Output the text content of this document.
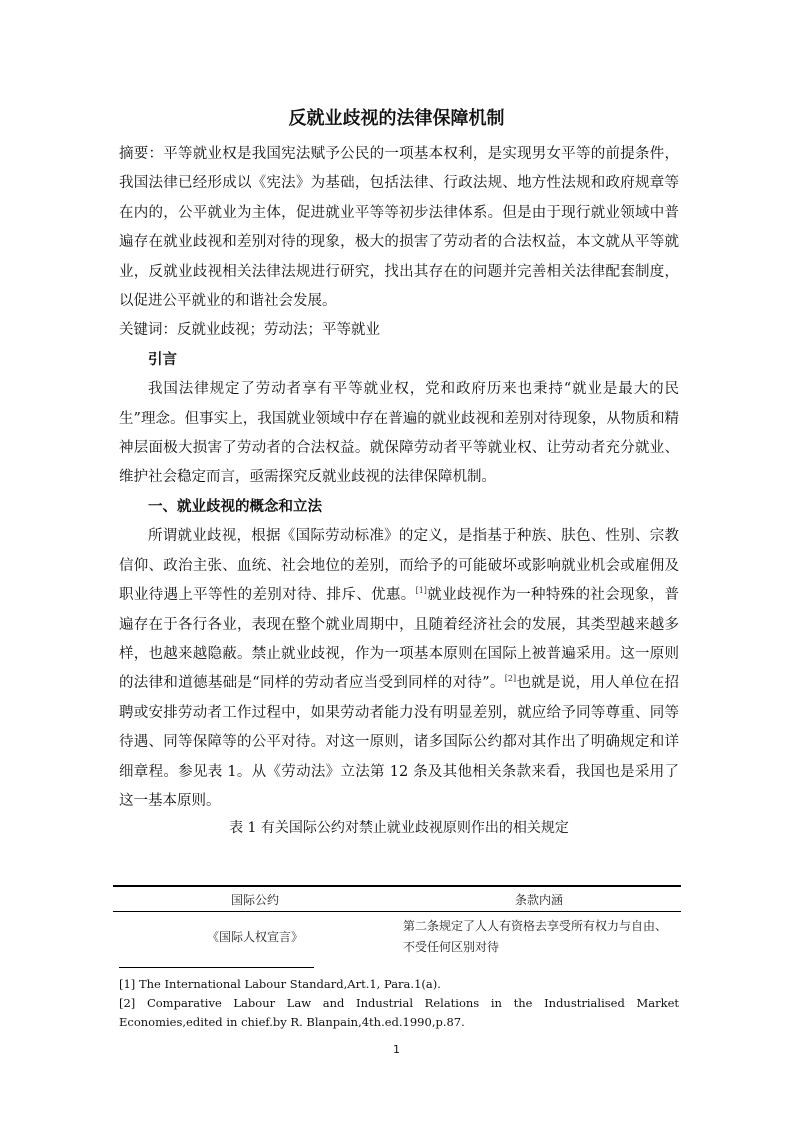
反就业歧视的法律保障机制

摘要：平等就业权是我国宪法赋予公民的一项基本权利，是实现男女平等的前提条件，我国法律已经形成以《宪法》为基础，包括法律、行政法规、地方性法规和政府规章等在内的，公平就业为主体，促进就业平等等初步法律体系。但是由于现行就业领域中普遍存在就业歧视和差别对待的现象，极大的损害了劳动者的合法权益，本文就从平等就业，反就业歧视相关法律法规进行研究，找出其存在的问题并完善相关法律配套制度，以促进公平就业的和谐社会发展。

关键词：反就业歧视；劳动法；平等就业

引言

我国法律规定了劳动者享有平等就业权，党和政府历来也秉持“就业是最大的民生”理念。但事实上，我国就业领域中存在普遍的就业歧视和差别对待现象，从物质和精神层面极大损害了劳动者的合法权益。就保障劳动者平等就业权、让劳动者充分就业、维护社会稳定而言，亟需探究反就业歧视的法律保障机制。

一、就业歧视的概念和立法

所谓就业歧视，根据《国际劳动标准》的定义，是指基于种族、肤色、性别、宗教信仰、政治主张、血统、社会地位的差别，而给予的可能破坏或影响就业机会或雇佣及职业待遇上平等性的差别对待、排斥、优惠。[1]就业歧视作为一种特殊的社会现象，普遍存在于各行各业，表现在整个就业周期中，且随着经济社会的发展，其类型越来越多样，也越来越隐蔽。禁止就业歧视，作为一项基本原则在国际上被普遍采用。这一原则的法律和道德基础是“同样的劳动者应当受到同样的对待”。[2]也就是说，用人单位在招聘或安排劳动者工作过程中，如果劳动者能力没有明显差别，就应给予同等尊重、同等待遇、同等保障等的公平对待。对这一原则，诸多国际公约都对其作出了明确规定和详细章程。参见表 1。从《劳动法》立法第 12 条及其他相关条款来看，我国也是采用了这一基本原则。

表 1 有关国际公约对禁止就业歧视原则作出的相关规定

国际公约	条款内涵
《国际人权宣言》	第二条规定了人人有资格去享受所有权力与自由、不受任何区别对待

[1] The International Labour Standard,Art.1, Para.1(a).

[2] Comparative Labour Law and Industrial Relations in the Industrialised Market Economies,edited in chief.by R. Blanpain,4th.ed.1990,p.87.

1
